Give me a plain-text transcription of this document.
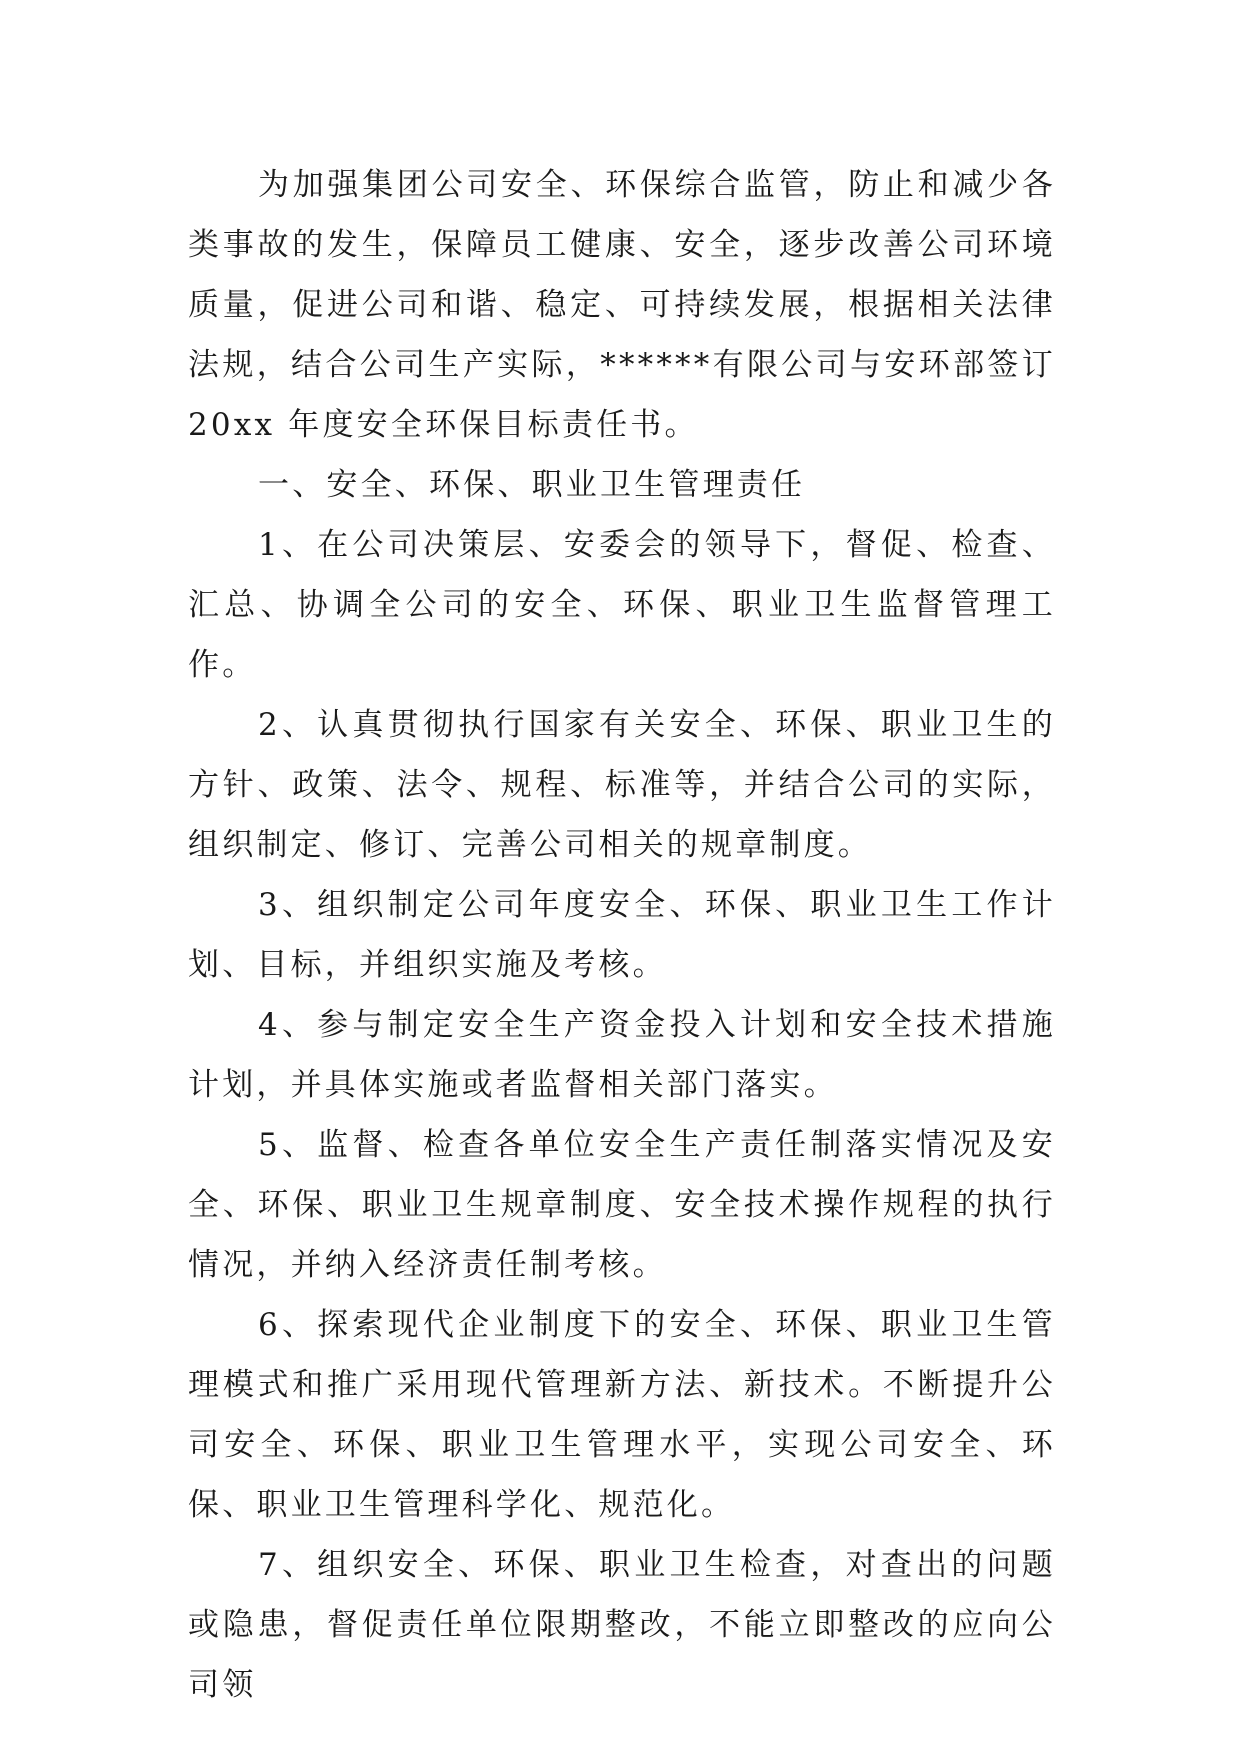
为加强集团公司安全、环保综合监管，防止和减少各类事故的发生，保障员工健康、安全，逐步改善公司环境质量，促进公司和谐、稳定、可持续发展，根据相关法律法规，结合公司生产实际，******有限公司与安环部签订 20xx 年度安全环保目标责任书。

一、安全、环保、职业卫生管理责任

1、在公司决策层、安委会的领导下，督促、检查、汇总、协调全公司的安全、环保、职业卫生监督管理工作。

2、认真贯彻执行国家有关安全、环保、职业卫生的方针、政策、法令、规程、标准等，并结合公司的实际，组织制定、修订、完善公司相关的规章制度。

3、组织制定公司年度安全、环保、职业卫生工作计划、目标，并组织实施及考核。

4、参与制定安全生产资金投入计划和安全技术措施计划，并具体实施或者监督相关部门落实。

5、监督、检查各单位安全生产责任制落实情况及安全、环保、职业卫生规章制度、安全技术操作规程的执行情况，并纳入经济责任制考核。

6、探索现代企业制度下的安全、环保、职业卫生管理模式和推广采用现代管理新方法、新技术。不断提升公司安全、环保、职业卫生管理水平，实现公司安全、环保、职业卫生管理科学化、规范化。

7、组织安全、环保、职业卫生检查，对查出的问题或隐患，督促责任单位限期整改，不能立即整改的应向公司领
